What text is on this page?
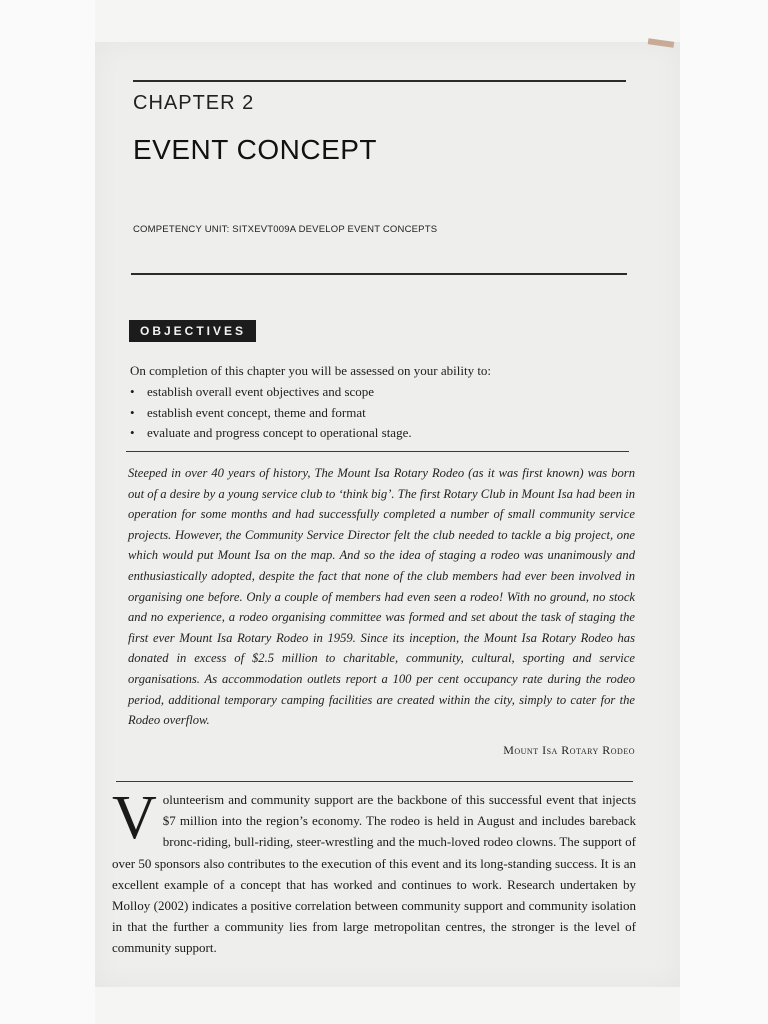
CHAPTER 2
EVENT CONCEPT
COMPETENCY UNIT: SITXEVT009A DEVELOP EVENT CONCEPTS
OBJECTIVES
On completion of this chapter you will be assessed on your ability to:
• establish overall event objectives and scope
• establish event concept, theme and format
• evaluate and progress concept to operational stage.
Steeped in over 40 years of history, The Mount Isa Rotary Rodeo (as it was first known) was born out of a desire by a young service club to ‘think big’. The first Rotary Club in Mount Isa had been in operation for some months and had successfully completed a number of small community service projects. However, the Community Service Director felt the club needed to tackle a big project, one which would put Mount Isa on the map. And so the idea of staging a rodeo was unanimously and enthusiastically adopted, despite the fact that none of the club members had ever been involved in organising one before. Only a couple of members had even seen a rodeo! With no ground, no stock and no experience, a rodeo organising committee was formed and set about the task of staging the first ever Mount Isa Rotary Rodeo in 1959. Since its inception, the Mount Isa Rotary Rodeo has donated in excess of $2.5 million to charitable, community, cultural, sporting and service organisations. As accommodation outlets report a 100 per cent occupancy rate during the rodeo period, additional temporary camping facilities are created within the city, simply to cater for the Rodeo overflow.
Mount Isa Rotary Rodeo
Volunteerism and community support are the backbone of this successful event that injects $7 million into the region’s economy. The rodeo is held in August and includes bareback bronc-riding, bull-riding, steer-wrestling and the much-loved rodeo clowns. The support of over 50 sponsors also contributes to the execution of this event and its long-standing success. It is an excellent example of a concept that has worked and continues to work. Research undertaken by Molloy (2002) indicates a positive correlation between community support and community isolation in that the further a community lies from large metropolitan centres, the stronger is the level of community support.
